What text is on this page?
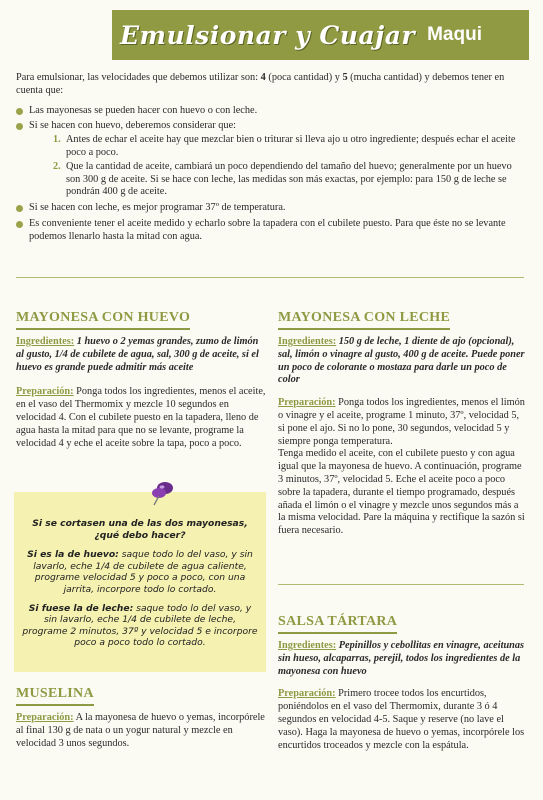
Emulsionar y Cuajar Maqui

Para emulsionar, las velocidades que debemos utilizar son: 4 (poca cantidad) y 5 (mucha cantidad) y debemos tener en cuenta que:

Las mayonesas se pueden hacer con huevo o con leche.
Si se hacen con huevo, deberemos considerar que:
1. Antes de echar el aceite hay que mezclar bien o triturar si lleva ajo u otro ingrediente; después echar el aceite poco a poco.
2. Que la cantidad de aceite, cambiará un poco dependiendo del tamaño del huevo; generalmente por un huevo son 300 g de aceite. Si se hace con leche, las medidas son más exactas, por ejemplo: para 150 g de leche se pondrán 400 g de aceite.
Si se hacen con leche, es mejor programar 37º de temperatura.
Es conveniente tener el aceite medido y echarlo sobre la tapadera con el cubilete puesto. Para que éste no se levante podemos llenarlo hasta la mitad con agua.
MAYONESA CON HUEVO

Ingredientes: 1 huevo o 2 yemas grandes, zumo de limón al gusto, 1/4 de cubilete de agua, sal, 300 g de aceite, si el huevo es grande puede admitir más aceite

Preparación: Ponga todos los ingredientes, menos el aceite, en el vaso del Thermomix y mezcle 10 segundos en velocidad 4. Con el cubilete puesto en la tapadera, lleno de agua hasta la mitad para que no se levante, programe la velocidad 4 y eche el aceite sobre la tapa, poco a poco.

MAYONESA CON LECHE

Ingredientes: 150 g de leche, 1 diente de ajo (opcional), sal, limón o vinagre al gusto, 400 g de aceite. Puede poner un poco de colorante o mostaza para darle un poco de color

Preparación: Ponga todos los ingredientes, menos el limón o vinagre y el aceite, programe 1 minuto, 37º, velocidad 5, si pone el ajo. Si no lo pone, 30 segundos, velocidad 5 y siempre ponga temperatura.

Tenga medido el aceite, con el cubilete puesto y con agua igual que la mayonesa de huevo. A continuación, programe 3 minutos, 37º, velocidad 5. Eche el aceite poco a poco sobre la tapadera, durante el tiempo programado, después añada el limón o el vinagre y mezcle unos segundos más a la misma velocidad. Pare la máquina y rectifique la sazón si fuera necesario.

Si se cortasen una de las dos mayonesas, ¿qué debo hacer?
Si es la de huevo: saque todo lo del vaso, y sin lavarlo, eche 1/4 de cubilete de agua caliente, programe velocidad 5 y poco a poco, con una jarrita, incorpore todo lo cortado.
Si fuese la de leche: saque todo lo del vaso, y sin lavarlo, eche 1/4 de cubilete de leche, programe 2 minutos, 37º y velocidad 5 e incorpore poco a poco todo lo cortado.
MUSELINA

Preparación: A la mayonesa de huevo o yemas, incorpórele al final 130 g de nata o un yogur natural y mezcle en velocidad 3 unos segundos.

SALSA TÁRTARA

Ingredientes: Pepinillos y cebollitas en vinagre, aceitunas sin hueso, alcaparras, perejil, todos los ingredientes de la mayonesa con huevo

Preparación: Primero trocee todos los encurtidos, poniéndolos en el vaso del Thermomix, durante 3 ó 4 segundos en velocidad 4-5. Saque y reserve (no lave el vaso). Haga la mayonesa de huevo o yemas, incorpórele los encurtidos troceados y mezcle con la espátula.
